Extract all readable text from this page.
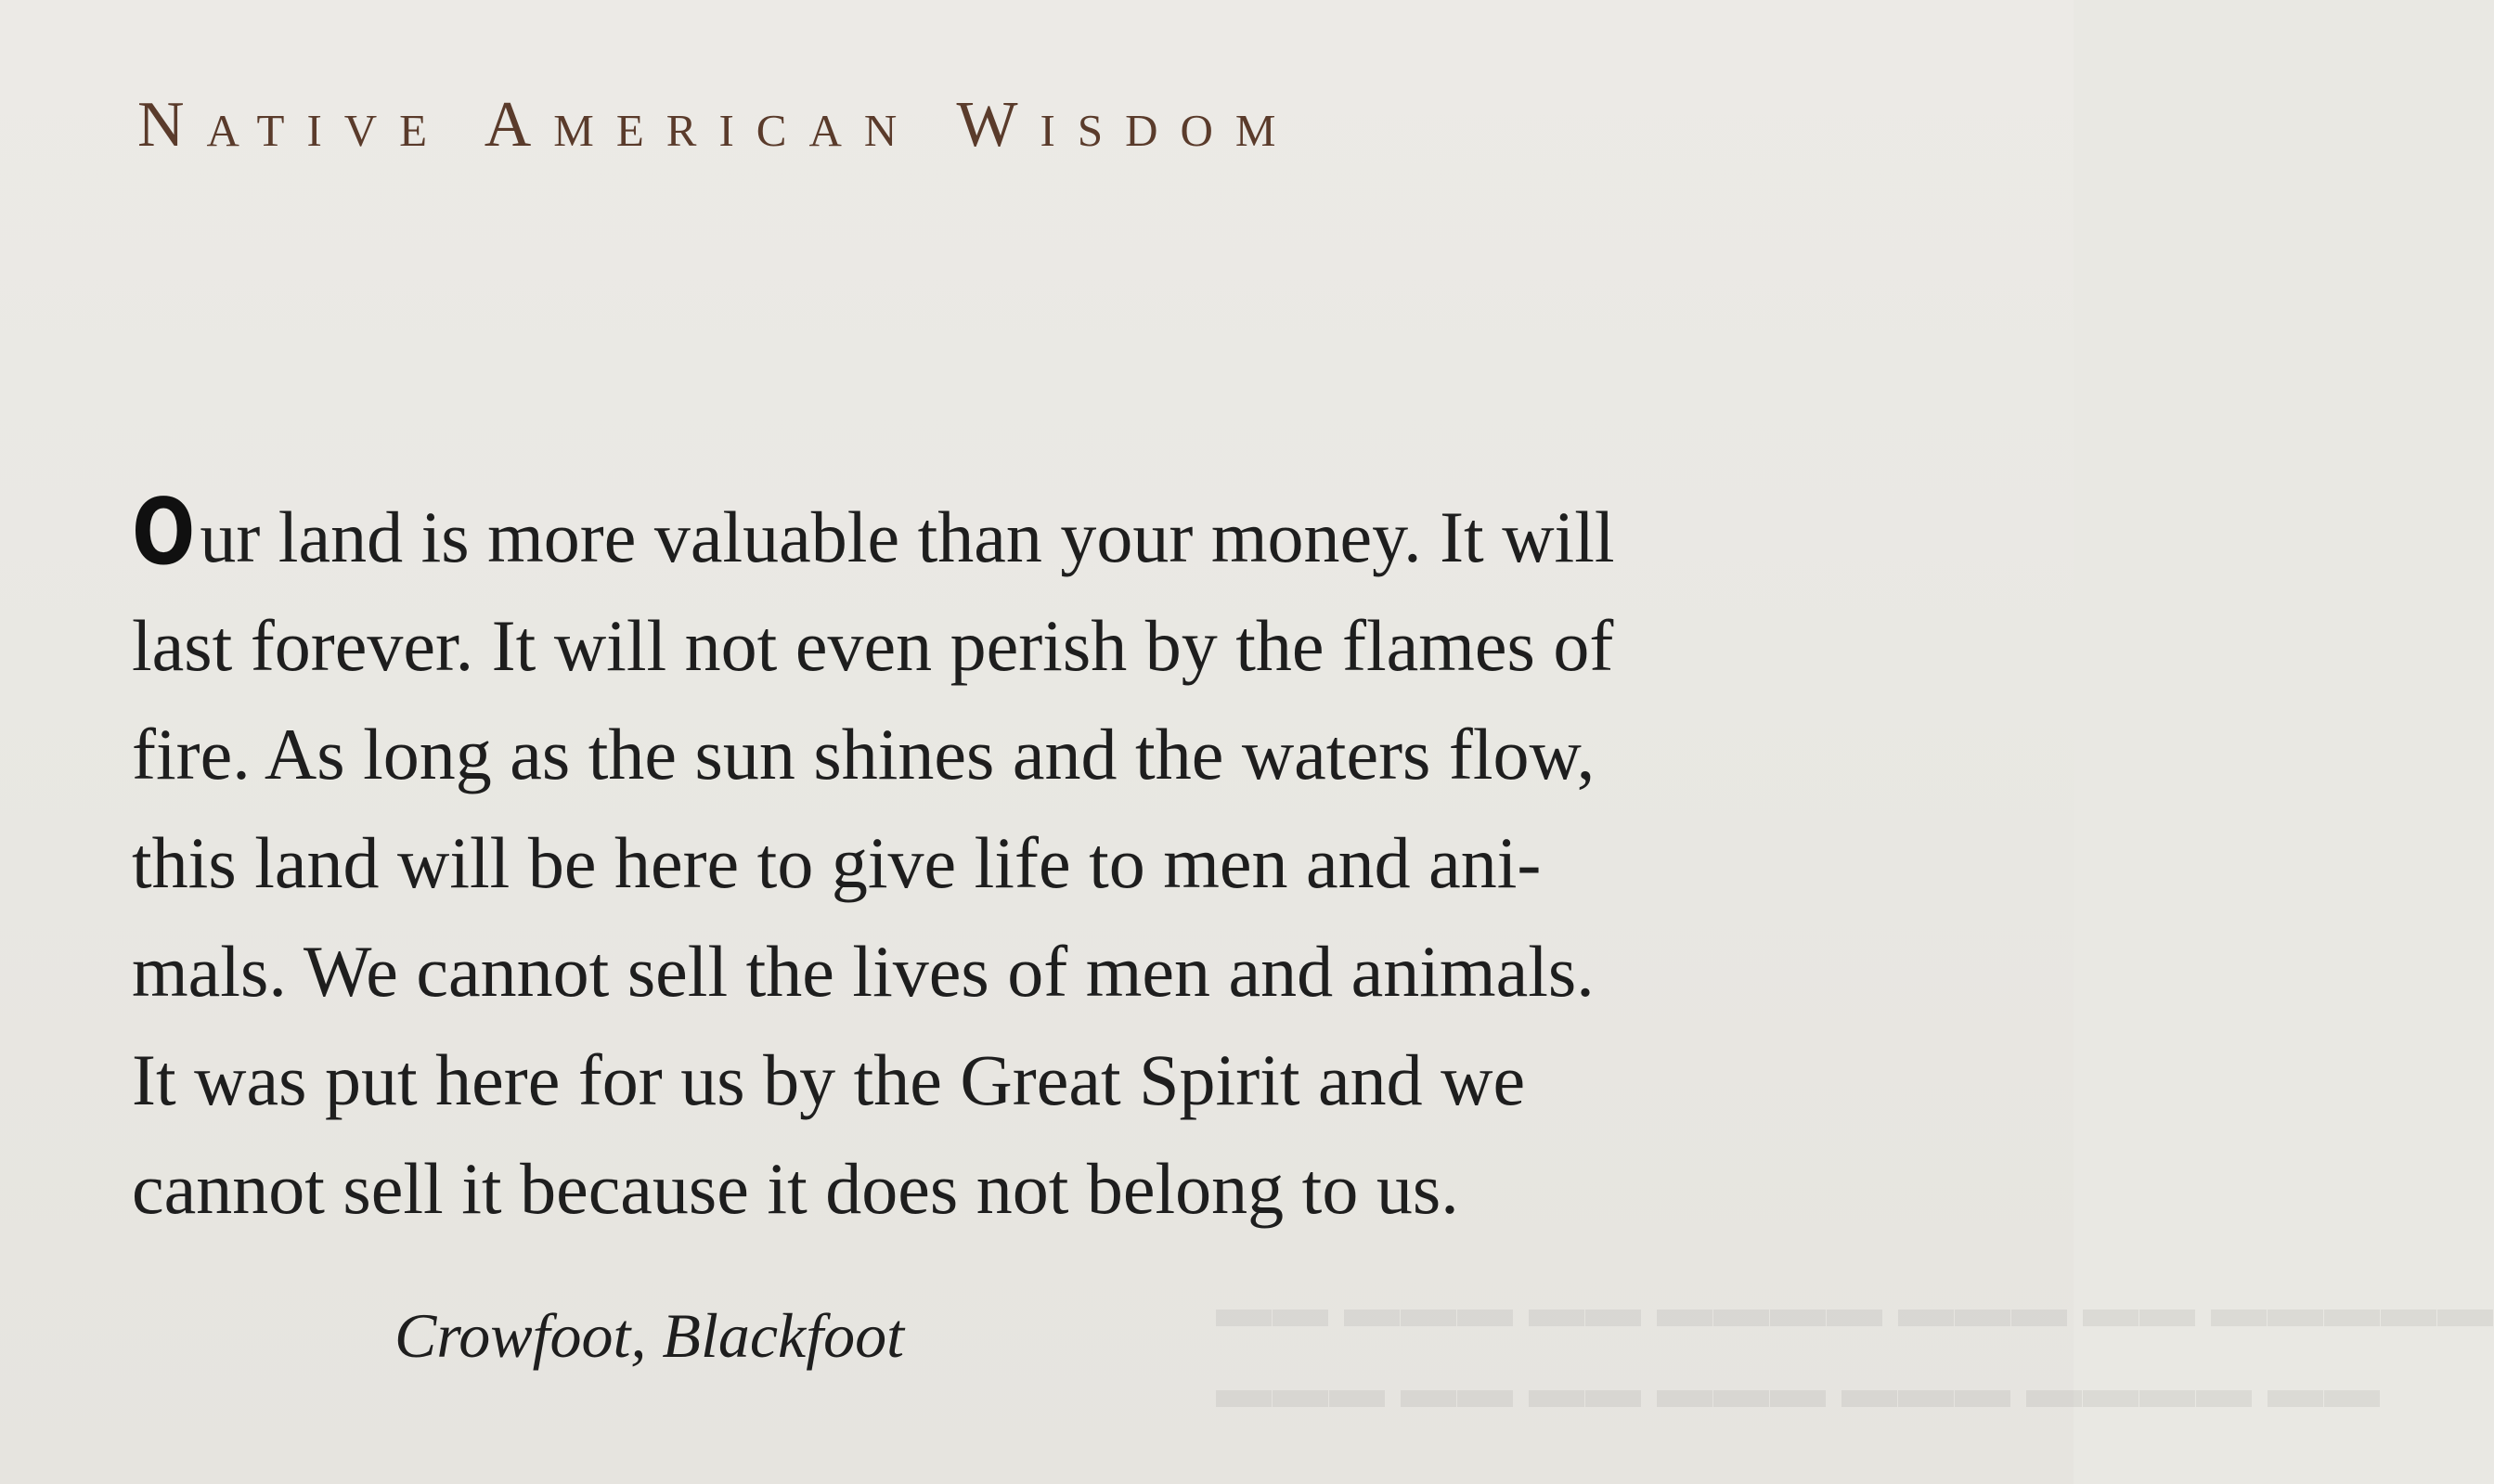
▬▬ ▬▬▬ ▬▬ ▬▬▬▬ ▬▬▬ ▬▬ ▬▬▬▬▬
▬▬▬ ▬▬ ▬▬ ▬▬▬ ▬▬▬ ▬▬▬▬ ▬▬
Native American Wisdom
Our land is more valuable than your money. It will
last forever. It will not even perish by the flames of
fire. As long as the sun shines and the waters flow,
this land will be here to give life to men and ani-
mals. We cannot sell the lives of men and animals.
It was put here for us by the Great Spirit and we
cannot sell it because it does not belong to us.
Crowfoot, Blackfoot
